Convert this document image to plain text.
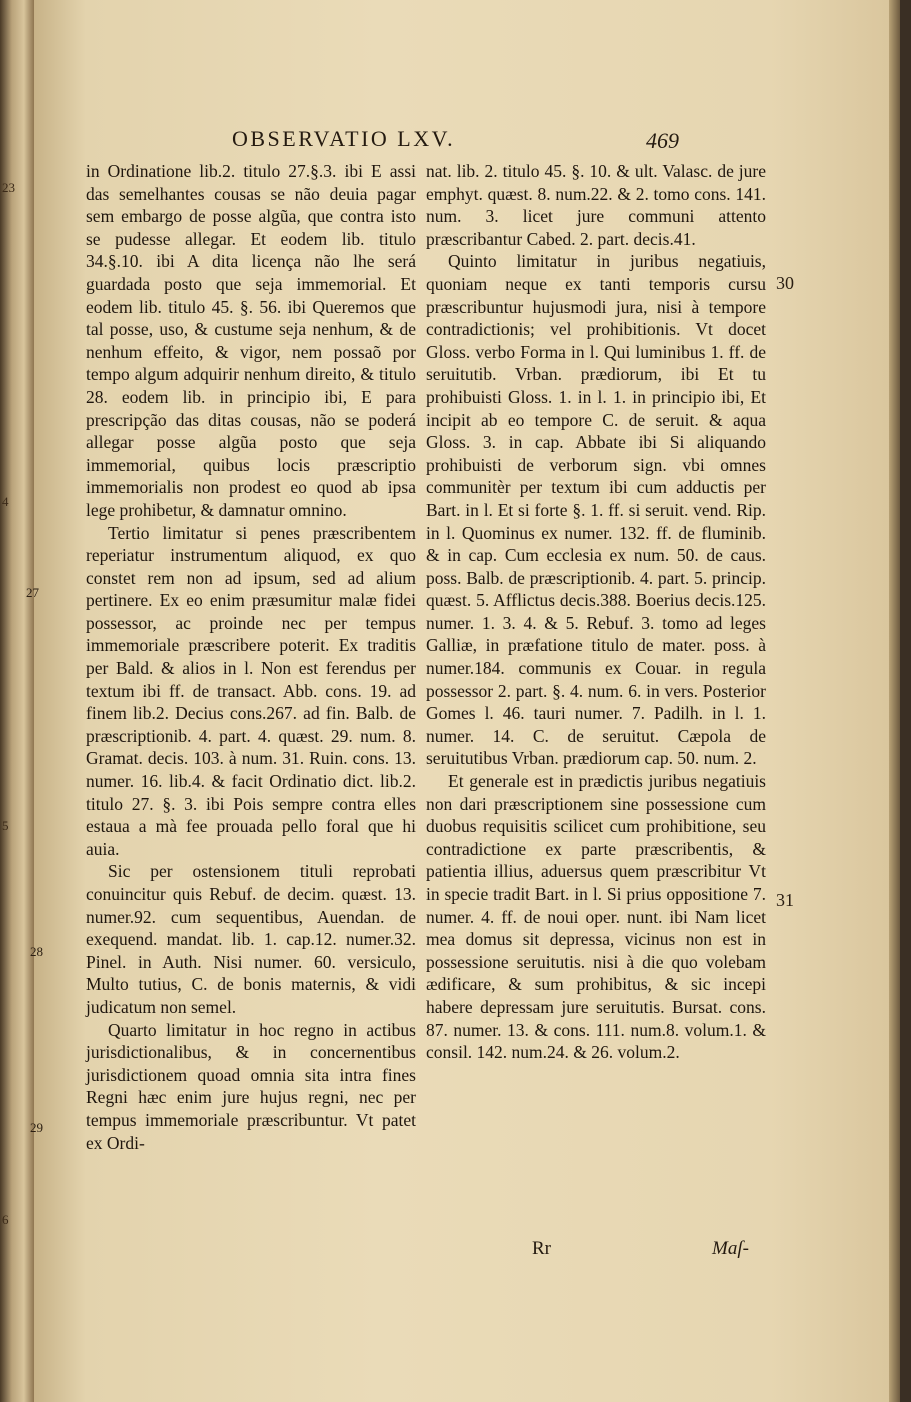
23
4
5
6
OBSERVATIO LXV.	469

in Ordinatione lib.2. titulo 27.§.3. ibi E assi das semelhantes cousas se não deuia pagar sem embargo de posse algũa, que contra isto se pudesse allegar. Et eodem lib. titulo 34.§.10. ibi A dita licença não lhe será guardada posto que seja immemorial. Et eodem lib. titulo 45. §. 56. ibi Queremos que tal posse, uso, & custume seja nenhum, & de nenhum effeito, & vigor, nem possaõ por tempo algum adquirir nenhum direito, & titulo 28. eodem lib. in principio ibi, E para prescripção das ditas cousas, não se poderá allegar posse algũa posto que seja immemorial, quibus locis præscriptio immemorialis non prodest eo quod ab ipsa lege prohibetur, & damnatur omnino.

Tertio limitatur si penes præscribentem reperiatur instrumentum aliquod, ex quo constet rem non ad ipsum, sed ad alium pertinere. Ex eo enim præsumitur malæ fidei possessor, ac proinde nec per tempus immemoriale præscribere poterit. Ex traditis per Bald. & alios in l. Non est ferendus per textum ibi ff. de transact. Abb. cons. 19. ad finem lib.2. Decius cons.267. ad fin. Balb. de præscriptionib. 4. part. 4. quæst. 29. num. 8. Gramat. decis. 103. à num. 31. Ruin. cons. 13. numer. 16. lib.4. & facit Ordinatio dict. lib.2. titulo 27. §. 3. ibi Pois sempre contra elles estaua a mà fee prouada pello foral que hi auia.

Sic per ostensionem tituli reprobati conuincitur quis Rebuf. de decim. quæst. 13. numer.92. cum sequentibus, Auendan. de exequend. mandat. lib. 1. cap.12. numer.32. Pinel. in Auth. Nisi numer. 60. versiculo, Multo tutius, C. de bonis maternis, & vidi judicatum non semel.

Quarto limitatur in hoc regno in actibus jurisdictionalibus, & in concernentibus jurisdictionem quoad omnia sita intra fines Regni hæc enim jure hujus regni, nec per tempus immemoriale præscribuntur. Vt patet ex Ordi-

27
28
29

nat. lib. 2. titulo 45. §. 10. & ult. Valasc. de jure emphyt. quæst. 8. num.22. & 2. tomo cons. 141. num. 3. licet jure communi attento præscribantur Cabed. 2. part. decis.41.

Quinto limitatur in juribus negatiuis, quoniam neque ex tanti temporis cursu præscribuntur hujusmodi jura, nisi à tempore contradictionis; vel prohibitionis. Vt docet Gloss. verbo Forma in l. Qui luminibus 1. ff. de seruitutib. Vrban. prædiorum, ibi Et tu prohibuisti Gloss. 1. in l. 1. in principio ibi, Et incipit ab eo tempore C. de seruit. & aqua Gloss. 3. in cap. Abbate ibi Si aliquando prohibuisti de verborum sign. vbi omnes communitèr per textum ibi cum adductis per Bart. in l. Et si forte §. 1. ff. si seruit. vend. Rip. in l. Quominus ex numer. 132. ff. de fluminib. & in cap. Cum ecclesia ex num. 50. de caus. poss. Balb. de præscriptionib. 4. part. 5. princip. quæst. 5. Afflictus decis.388. Boerius decis.125. numer. 1. 3. 4. & 5. Rebuf. 3. tomo ad leges Galliæ, in præfatione titulo de mater. poss. à numer.184. communis ex Couar. in regula possessor 2. part. §. 4. num. 6. in vers. Posterior Gomes l. 46. tauri numer. 7. Padilh. in l. 1. numer. 14. C. de seruitut. Cæpola de seruitutibus Vrban. prædiorum cap. 50. num. 2.

Et generale est in prædictis juribus negatiuis non dari præscriptionem sine possessione cum duobus requisitis scilicet cum prohibitione, seu contradictione ex parte præscribentis, & patientia illius, aduersus quem præscribitur Vt in specie tradit Bart. in l. Si prius oppositione 7. numer. 4. ff. de noui oper. nunt. ibi Nam licet mea domus sit depressa, vicinus non est in possessione seruitutis. nisi à die quo volebam ædificare, & sum prohibitus, & sic incepi habere depressam jure seruitutis. Bursat. cons. 87. numer. 13. & cons. 111. num.8. volum.1. & consil. 142. num.24. & 26. volum.2.

30
31
Rr	Maſ-
